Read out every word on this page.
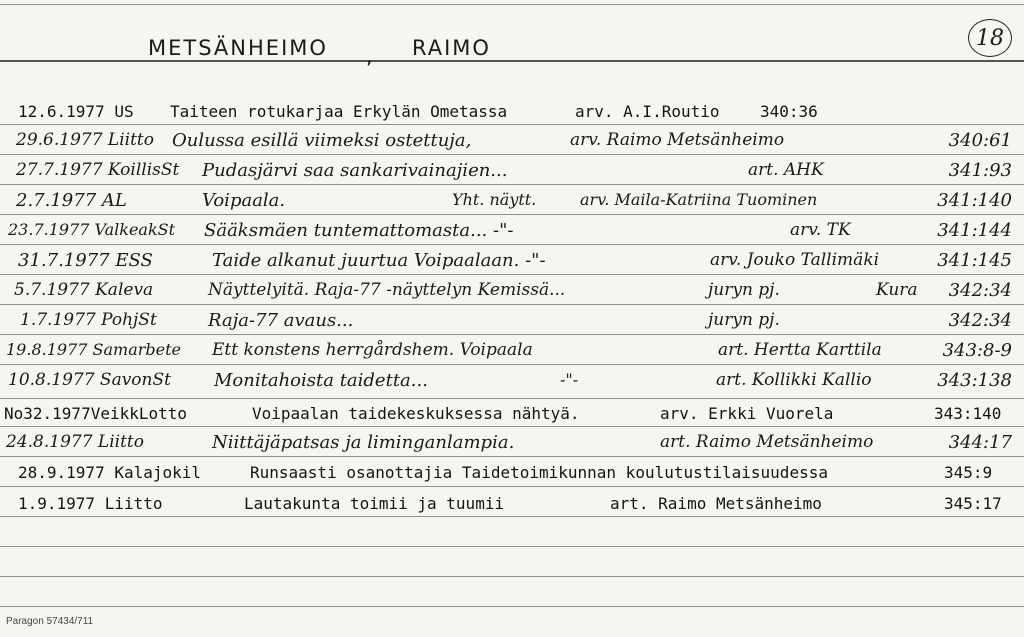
METSÄNHEIMO , RAIMO	18
12.6.1977 US Taiteen rotukarjaa Erkylän Ometassa	arv. A.I.Routio	340:36
29.6.1977 Liitto Oulussa esillä viimeksi ostettuja,	arv. Raimo Metsänheimo	340:61
27.7.1977 KoillisSt Pudasjärvi saa sankarivainajien...	art. AHK	341:93
2.7.1977 AL	Voipaala.	Yht. näytt.	arv. Maila-Katriina Tuominen	341:140
23.7.1977 ValkeakSt Sääksmäen tuntemattomasta... -"-	arv. TK	341:144
31.7.1977 ESS	Taide alkanut juurtua Voipaalaan. -"-	arv. Jouko Tallimäki	341:145
5.7.1977 Kaleva	Näyttelyitä. Raja-77 -näyttelyn Kemissä...	juryn pj.	Kura 342:34
1.7.1977 PohjSt	Raja-77 avaus...	juryn pj.	342:34
19.8.1977 Samarbete Ett konstens herrgårdshem. Voipaala	art. Hertta Karttila	343:8-9
10.8.1977 SavonSt Monitahoista taidetta...	-"-	art. Kollikki Kallio	343:138
No32.1977VeikkLotto	Voipaalan taidekeskuksessa nähtyä.	arv. Erkki Vuorela	343:140
24.8.1977 Liitto	Niittäjäpatsas ja liminganlampia.	art. Raimo Metsänheimo	344:17
28.9.1977 Kalajokil	Runsaasti osanottajia Taidetoimikunnan koulutustilaisuudessa	345:9
1.9.1977 Liitto	Lautakunta toimii ja tuumii	art. Raimo Metsänheimo	345:17
Paragon 57434/711
